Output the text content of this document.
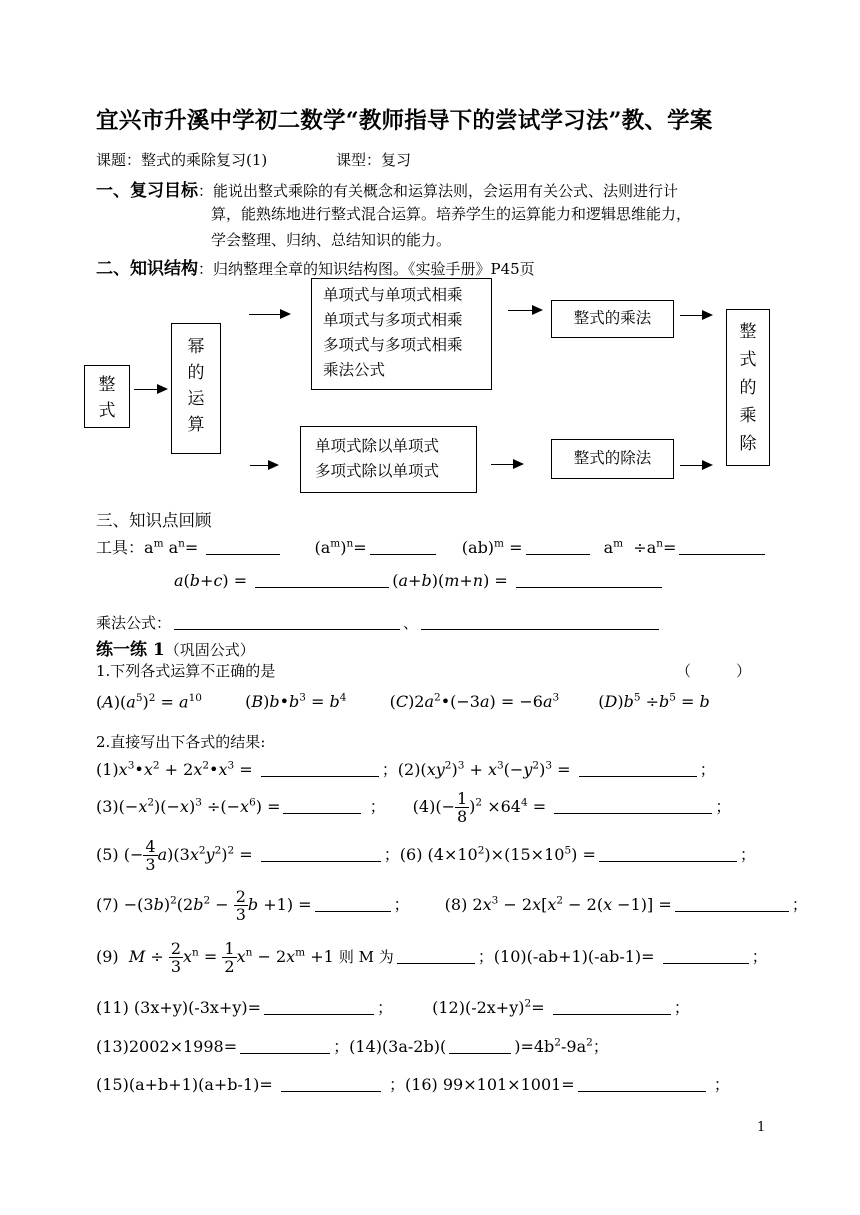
宜兴市升溪中学初二数学“教师指导下的尝试学习法”教、学案
课题：整式的乘除复习(1)	课型：复习
一、复习目标：能说出整式乘除的有关概念和运算法则，会运用有关公式、法则进行计
算，能熟练地进行整式混合运算。培养学生的运算能力和逻辑思维能力，
学会整理、归纳、总结知识的能力。
二、知识结构：归纳整理全章的知识结构图。《实验手册》P45页
整
式
幂
的
运
算
单项式与单项式相乘
单项式与多项式相乘
多项式与多项式相乘
乘法公式
整式的乘法
单项式除以单项式
多项式除以单项式
整式的除法
整
式
的
乘
除
三、知识点回顾
工具：$a^m$ $a^n=$	$(a^m)^n=$	(ab)$^m$ =	$a^m \div a^n=$
a(b+c) =	(a+b)(m+n) =
乘法公式：	、
练一练 1（巩固公式）
1.下列各式运算不正确的是	（　　　）
$(A)(a^5)^2 = a^{10}$	$(B)b•b^3 = b^4$	$(C)2a^2•(-3a) = -6a^3$ $(D)b^5 \div b^5 = b$
2.直接写出下各式的结果:
$(1)x^3•x^2$ + $2x^2•x^3$ =	；$(2)(xy^2)^3 + x^3(-y^2)^3$ =	；
$(3)(-x^2)(-x)^3 \div(-x^6)$ =	； $(4)(- \frac{1}{8} )^2 \times 64^4$ =	；
(5) (− $\frac{4}{3} a)(3x^2y^2)^2$ =	；(6) $(4\times 10^2)\times(15\times 10^5)$ =	；
$(7) -(3b)^2(2b^2 - \frac{2}{3}$ b +1) =	； (8) $2x^3 - 2x[x^2 - 2(x -1)]$ =	；
(9)  $M \div \frac{2}{3} x^n = \frac{1}{2} x^n - 2x^m +1$ 则 M 为	；(10)(-ab+1)(-ab-1)=	；
(11) (3x+y)(-3x+y)=	； $(12)(-2x+y)^2=$	；
(13)2002×1998=	；(14)(3a-2b)(	)$=4b^2-9a^2$；
(15)(a+b+1)(a+b-1)=	；(16) 99×101×1001=	；
1
